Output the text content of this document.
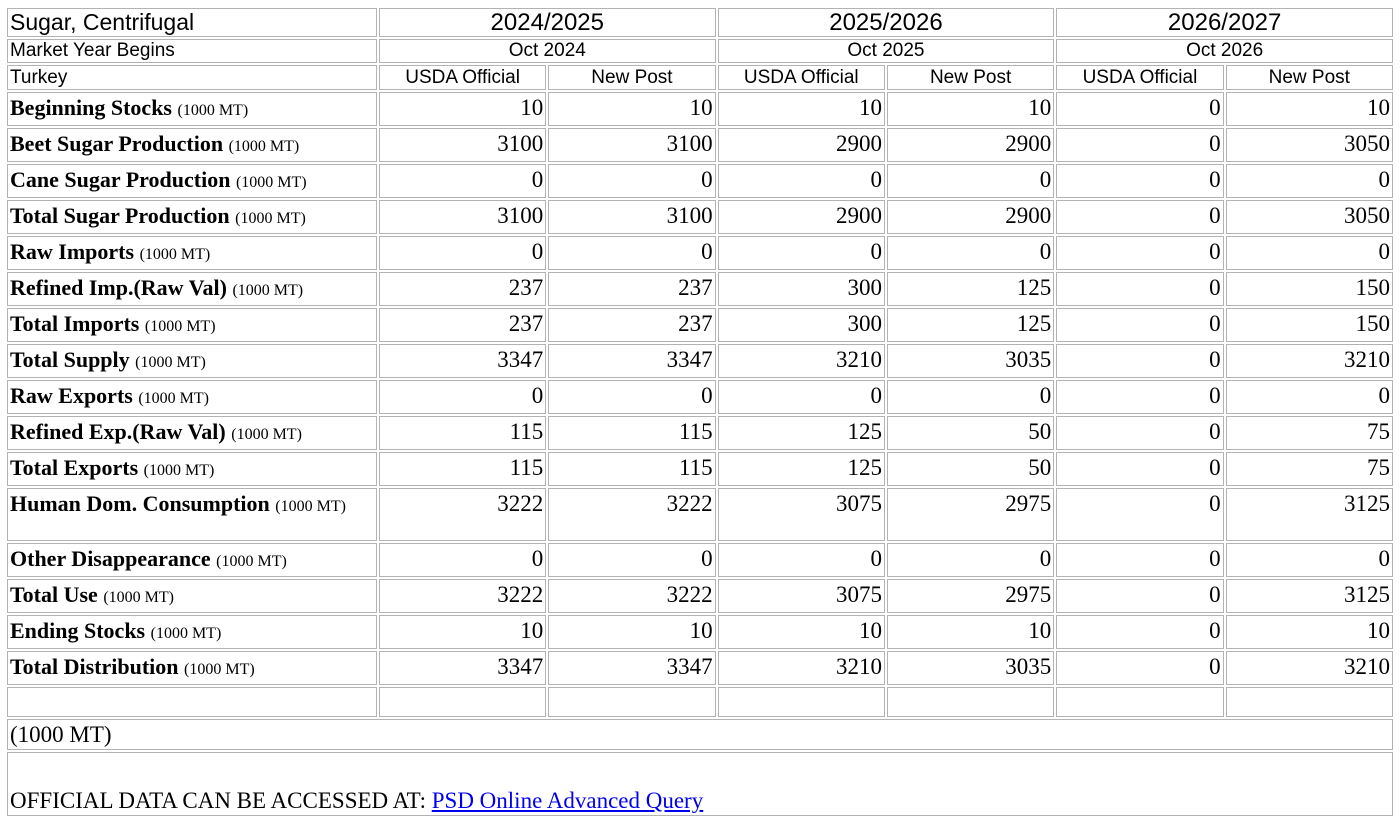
Sugar, Centrifugal	2024/2025		2025/2026		2026/2027	
Market Year Begins	Oct 2024		Oct 2025		Oct 2026	
Turkey	USDA Official	New Post	USDA Official	New Post	USDA Official	New Post
Beginning Stocks (1000 MT)	10	10	10	10	0	10
Beet Sugar Production (1000 MT)	3100	3100	2900	2900	0	3050
Cane Sugar Production (1000 MT)	0	0	0	0	0	0
Total Sugar Production (1000 MT)	3100	3100	2900	2900	0	3050
Raw Imports (1000 MT)	0	0	0	0	0	0
Refined Imp.(Raw Val) (1000 MT)	237	237	300	125	0	150
Total Imports (1000 MT)	237	237	300	125	0	150
Total Supply (1000 MT)	3347	3347	3210	3035	0	3210
Raw Exports (1000 MT)	0	0	0	0	0	0
Refined Exp.(Raw Val) (1000 MT)	115	115	125	50	0	75
Total Exports (1000 MT)	115	115	125	50	0	75
Human Dom. Consumption (1000 MT)	3222	3222	3075	2975	0	3125
Other Disappearance (1000 MT)	0	0	0	0	0	0
Total Use (1000 MT)	3222	3222	3075	2975	0	3125
Ending Stocks (1000 MT)	10	10	10	10	0	10
Total Distribution (1000 MT)	3347	3347	3210	3035	0	3210

(1000 MT)						
OFFICIAL DATA CAN BE ACCESSED AT: PSD Online Advanced Query						
